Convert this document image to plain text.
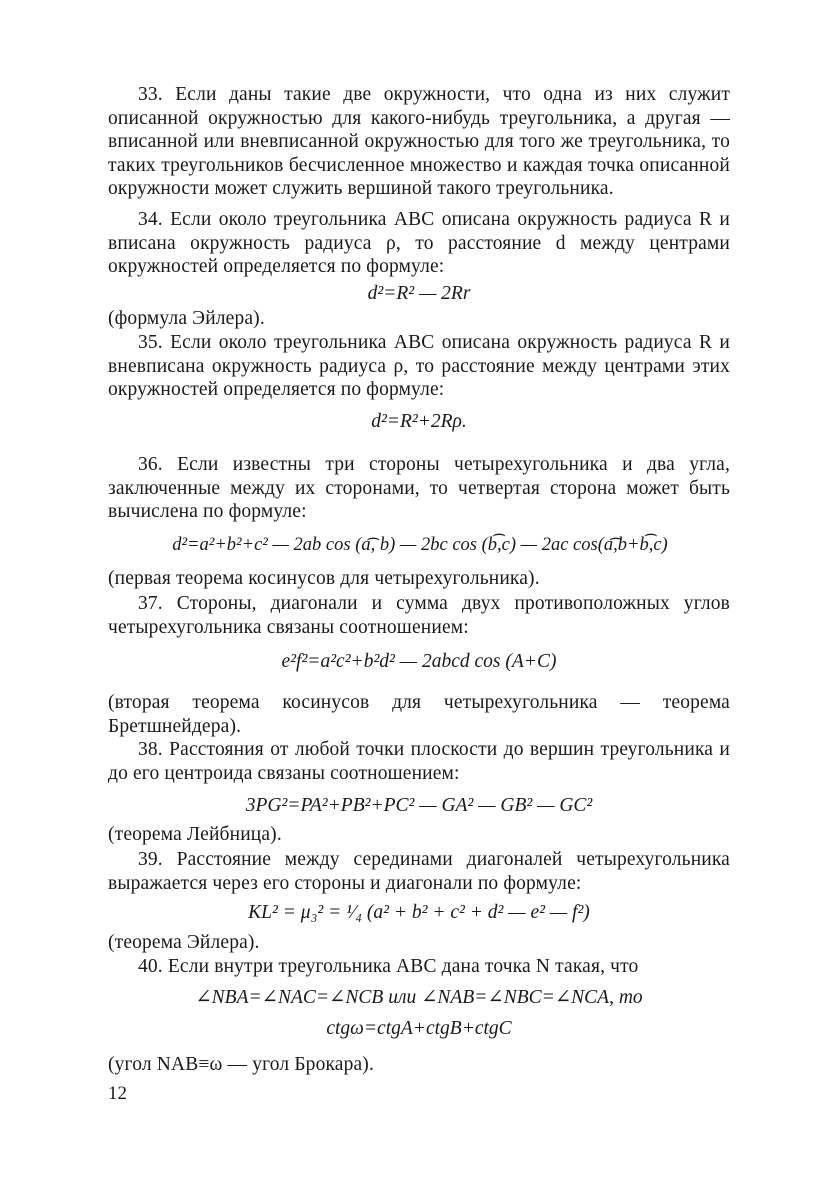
33. Если даны такие две окружности, что одна из них служит описанной окружностью для какого-нибудь треугольника, а другая — вписанной или вневписанной окружностью для того же треугольника, то таких треугольников бесчисленное множество и каждая точка описанной окружности может служить вершиной такого треугольника.

34. Если около треугольника ABC описана окружность радиуса R и вписана окружность радиуса ρ, то расстояние d между центрами окружностей определяется по формуле:

d²=R² — 2Rr

(формула Эйлера).

35. Если около треугольника ABC описана окружность радиуса R и вневписана окружность радиуса ρ, то расстояние между центрами этих окружностей определяется по формуле:

d²=R²+2Rρ.

36. Если известны три стороны четырехугольника и два угла, заключенные между их сторонами, то четвертая сторона может быть вычислена по формуле:

d²=a²+b²+c² — 2ab cos (a͡, b) — 2bc cos (b͡,c) — 2ac cos(a͡,b+b͡,c)

(первая теорема косинусов для четырехугольника).

37. Стороны, диагонали и сумма двух противоположных углов четырехугольника связаны соотношением:

e²f²=a²c²+b²d² — 2abcd cos (A+C)

(вторая теорема косинусов для четырехугольника — теорема Бретшнейдера).

38. Расстояния от любой точки плоскости до вершин треугольника и до его центроида связаны соотношением:

3PG²=PA²+PB²+PC² — GA² — GB² — GC²

(теорема Лейбница).

39. Расстояние между серединами диагоналей четырехугольника выражается через его стороны и диагонали по формуле:

KL² = μ₃² = ¹⁄₄ (a² + b² + c² + d² — e² — f²)

(теорема Эйлера).

40. Если внутри треугольника ABC дана точка N такая, что

∠NBA=∠NAC=∠NCB или ∠NAB=∠NBC=∠NCA, то

ctgω=ctgA+ctgB+ctgC

(угол NAB≡ω — угол Брокара).

12
